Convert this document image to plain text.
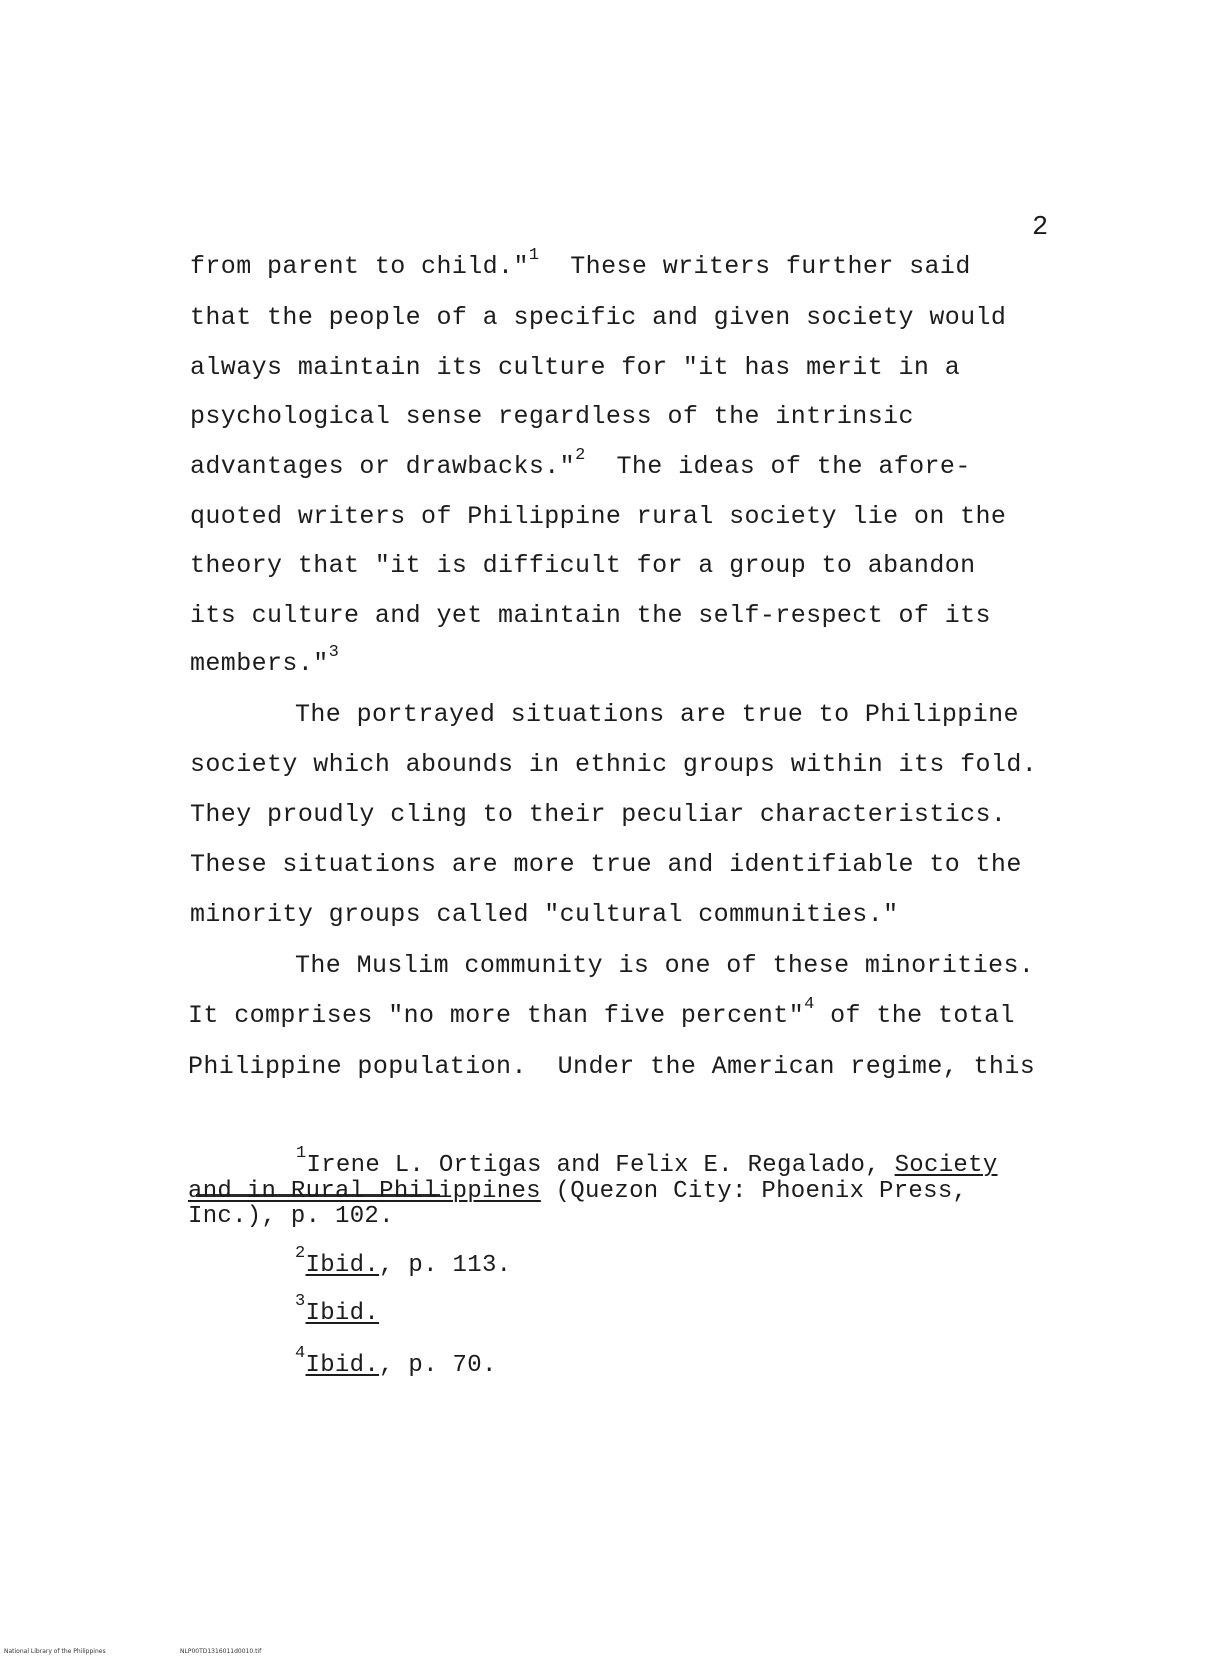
2
from parent to child."$^1$  These writers further said
that the people of a specific and given society would
always maintain its culture for "it has merit in a
psychological sense regardless of the intrinsic
advantages or drawbacks."$^2$  The ideas of the afore-
quoted writers of Philippine rural society lie on the
theory that "it is difficult for a group to abandon
its culture and yet maintain the self-respect of its
members."$^3$
The portrayed situations are true to Philippine
society which abounds in ethnic groups within its fold.
They proudly cling to their peculiar characteristics.
These situations are more true and identifiable to the
minority groups called "cultural communities."
The Muslim community is one of these minorities.
It comprises "no more than five percent"$^4$ of the total
Philippine population.  Under the American regime, this
$^1$Irene L. Ortigas and Felix E. Regalado, Society
and in Rural Philippines (Quezon City: Phoenix Press,
Inc.), p. 102.
$^2$Ibid., p. 113.
$^3$Ibid.
$^4$Ibid., p. 70.
National Library of the Philippines	NLP00TD1316011d0010.tif
